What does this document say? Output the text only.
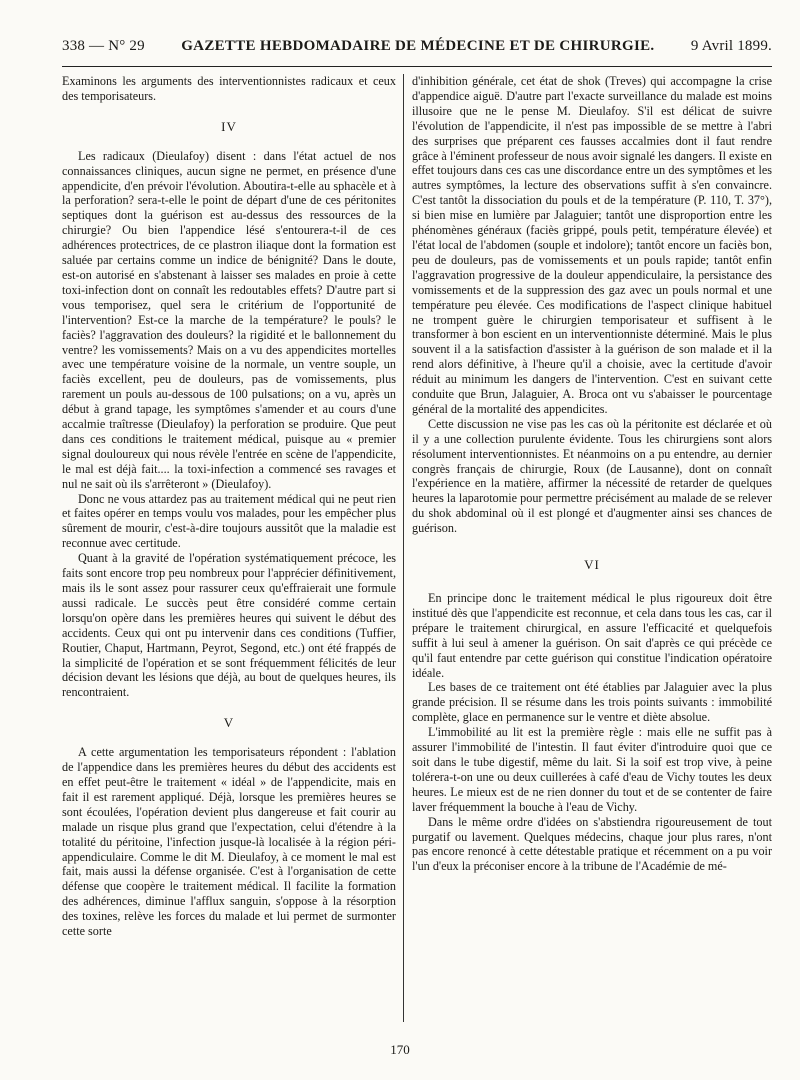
338 — N° 29 GAZETTE HEBDOMADAIRE DE MÉDECINE ET DE CHIRURGIE. 9 Avril 1899.

Examinons les arguments des interventionnistes radicaux et ceux des temporisateurs.

IV

Les radicaux (Dieulafoy) disent : dans l'état actuel de nos connaissances cliniques, aucun signe ne permet, en présence d'une appendicite, d'en prévoir l'évolution. Aboutira-t-elle au sphacèle et à la perforation? sera-t-elle le point de départ d'une de ces péritonites septiques dont la guérison est au-dessus des ressources de la chirurgie? Ou bien l'appendice lésé s'entourera-t-il de ces adhérences protectrices, de ce plastron iliaque dont la formation est saluée par certains comme un indice de bénignité? Dans le doute, est-on autorisé en s'abstenant à laisser ses malades en proie à cette toxi-infection dont on connaît les redoutables effets? D'autre part si vous temporisez, quel sera le critérium de l'opportunité de l'intervention? Est-ce la marche de la température? le pouls? le faciès? l'aggravation des douleurs? la rigidité et le ballonnement du ventre? les vomissements? Mais on a vu des appendicites mortelles avec une température voisine de la normale, un ventre souple, un faciès excellent, peu de douleurs, pas de vomissements, plus rarement un pouls au-dessous de 100 pulsations; on a vu, après un début à grand tapage, les symptômes s'amender et au cours d'une accalmie traîtresse (Dieulafoy) la perforation se produire. Que peut dans ces conditions le traitement médical, puisque au « premier signal douloureux qui nous révèle l'entrée en scène de l'appendicite, le mal est déjà fait.... la toxi-infection a commencé ses ravages et nul ne sait où ils s'arrêteront » (Dieulafoy).

Donc ne vous attardez pas au traitement médical qui ne peut rien et faites opérer en temps voulu vos malades, pour les empêcher plus sûrement de mourir, c'est-à-dire toujours aussitôt que la maladie est reconnue avec certitude.

Quant à la gravité de l'opération systématiquement précoce, les faits sont encore trop peu nombreux pour l'apprécier définitivement, mais ils le sont assez pour rassurer ceux qu'effraierait une formule aussi radicale. Le succès peut être considéré comme certain lorsqu'on opère dans les premières heures qui suivent le début des accidents. Ceux qui ont pu intervenir dans ces conditions (Tuffier, Routier, Chaput, Hartmann, Peyrot, Segond, etc.) ont été frappés de la simplicité de l'opération et se sont fréquemment félicités de leur décision devant les lésions que déjà, au bout de quelques heures, ils rencontraient.

V

A cette argumentation les temporisateurs répondent : l'ablation de l'appendice dans les premières heures du début des accidents est en effet peut-être le traitement « idéal » de l'appendicite, mais en fait il est rarement appliqué. Déjà, lorsque les premières heures se sont écoulées, l'opération devient plus dangereuse et fait courir au malade un risque plus grand que l'expectation, celui d'étendre à la totalité du péritoine, l'infection jusque-là localisée à la région péri-appendiculaire. Comme le dit M. Dieulafoy, à ce moment le mal est fait, mais aussi la défense organisée. C'est à l'organisation de cette défense que coopère le traitement médical. Il facilite la formation des adhérences, diminue l'afflux sanguin, s'oppose à la résorption des toxines, relève les forces du malade et lui permet de surmonter cette sorte

d'inhibition générale, cet état de shok (Treves) qui accompagne la crise d'appendice aiguë. D'autre part l'exacte surveillance du malade est moins illusoire que ne le pense M. Dieulafoy. S'il est délicat de suivre l'évolution de l'appendicite, il n'est pas impossible de se mettre à l'abri des surprises que préparent ces fausses accalmies dont il faut rendre grâce à l'éminent professeur de nous avoir signalé les dangers. Il existe en effet toujours dans ces cas une discordance entre un des symptômes et les autres symptômes, la lecture des observations suffit à s'en convaincre. C'est tantôt la dissociation du pouls et de la température (P. 110, T. 37°), si bien mise en lumière par Jalaguier; tantôt une disproportion entre les phénomènes généraux (faciès grippé, pouls petit, température élevée) et l'état local de l'abdomen (souple et indolore); tantôt encore un faciès bon, peu de douleurs, pas de vomissements et un pouls rapide; tantôt enfin l'aggravation progressive de la douleur appendiculaire, la persistance des vomissements et de la suppression des gaz avec un pouls normal et une température peu élevée. Ces modifications de l'aspect clinique habituel ne trompent guère le chirurgien temporisateur et suffisent à le transformer à bon escient en un interventionniste déterminé. Mais le plus souvent il a la satisfaction d'assister à la guérison de son malade et il la rend alors définitive, à l'heure qu'il a choisie, avec la certitude d'avoir réduit au minimum les dangers de l'intervention. C'est en suivant cette conduite que Brun, Jalaguier, A. Broca ont vu s'abaisser le pourcentage général de la mortalité des appendicites.

Cette discussion ne vise pas les cas où la péritonite est déclarée et où il y a une collection purulente évidente. Tous les chirurgiens sont alors résolument interventionnistes. Et néanmoins on a pu entendre, au dernier congrès français de chirurgie, Roux (de Lausanne), dont on connaît l'expérience en la matière, affirmer la nécessité de retarder de quelques heures la laparotomie pour permettre précisément au malade de se relever du shok abdominal où il est plongé et d'augmenter ainsi ses chances de guérison.

VI

En principe donc le traitement médical le plus rigoureux doit être institué dès que l'appendicite est reconnue, et cela dans tous les cas, car il prépare le traitement chirurgical, en assure l'efficacité et quelquefois suffit à lui seul à amener la guérison. On sait d'après ce qui précède ce qu'il faut entendre par cette guérison qui constitue l'indication opératoire idéale.

Les bases de ce traitement ont été établies par Jalaguier avec la plus grande précision. Il se résume dans les trois points suivants : immobilité complète, glace en permanence sur le ventre et diète absolue.

L'immobilité au lit est la première règle : mais elle ne suffit pas à assurer l'immobilité de l'intestin. Il faut éviter d'introduire quoi que ce soit dans le tube digestif, même du lait. Si la soif est trop vive, à peine tolérera-t-on une ou deux cuillerées à café d'eau de Vichy toutes les deux heures. Le mieux est de ne rien donner du tout et de se contenter de faire laver fréquemment la bouche à l'eau de Vichy.

Dans le même ordre d'idées on s'abstiendra rigoureusement de tout purgatif ou lavement. Quelques médecins, chaque jour plus rares, n'ont pas encore renoncé à cette détestable pratique et récemment on a pu voir l'un d'eux la préconiser encore à la tribune de l'Académie de mé-

170
